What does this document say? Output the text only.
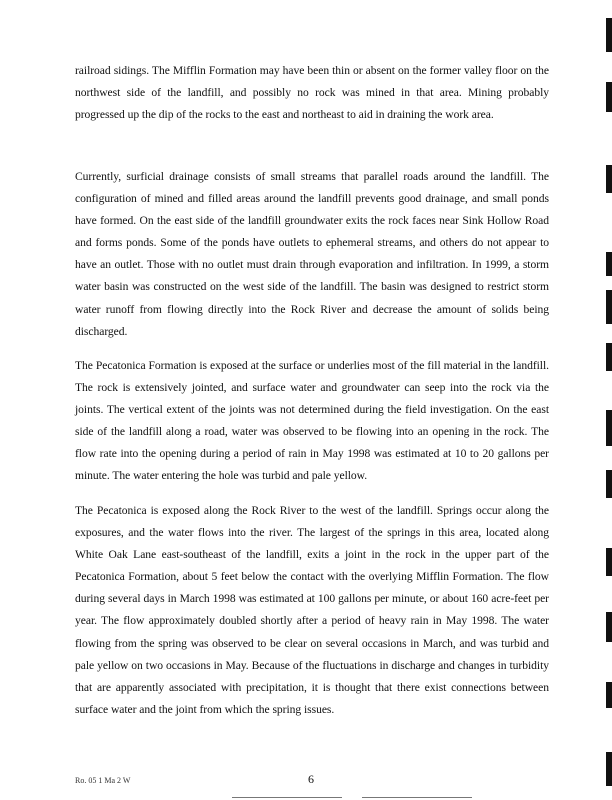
railroad sidings. The Mifflin Formation may have been thin or absent on the former valley floor on the northwest side of the landfill, and possibly no rock was mined in that area. Mining probably progressed up the dip of the rocks to the east and northeast to aid in draining the work area.

Currently, surficial drainage consists of small streams that parallel roads around the landfill. The configuration of mined and filled areas around the landfill prevents good drainage, and small ponds have formed. On the east side of the landfill groundwater exits the rock faces near Sink Hollow Road and forms ponds. Some of the ponds have outlets to ephemeral streams, and others do not appear to have an outlet. Those with no outlet must drain through evaporation and infiltration. In 1999, a storm water basin was constructed on the west side of the landfill. The basin was designed to restrict storm water runoff from flowing directly into the Rock River and decrease the amount of solids being discharged.

The Pecatonica Formation is exposed at the surface or underlies most of the fill material in the landfill. The rock is extensively jointed, and surface water and groundwater can seep into the rock via the joints. The vertical extent of the joints was not determined during the field investigation. On the east side of the landfill along a road, water was observed to be flowing into an opening in the rock. The flow rate into the opening during a period of rain in May 1998 was estimated at 10 to 20 gallons per minute. The water entering the hole was turbid and pale yellow.

The Pecatonica is exposed along the Rock River to the west of the landfill. Springs occur along the exposures, and the water flows into the river. The largest of the springs in this area, located along White Oak Lane east-southeast of the landfill, exits a joint in the rock in the upper part of the Pecatonica Formation, about 5 feet below the contact with the overlying Mifflin Formation. The flow during several days in March 1998 was estimated at 100 gallons per minute, or about 160 acre-feet per year. The flow approximately doubled shortly after a period of heavy rain in May 1998. The water flowing from the spring was observed to be clear on several occasions in March, and was turbid and pale yellow on two occasions in May. Because of the fluctuations in discharge and changes in turbidity that are apparently associated with precipitation, it is thought that there exist connections between surface water and the joint from which the spring issues.

Ro. 05 1 Ma 2 W	6
